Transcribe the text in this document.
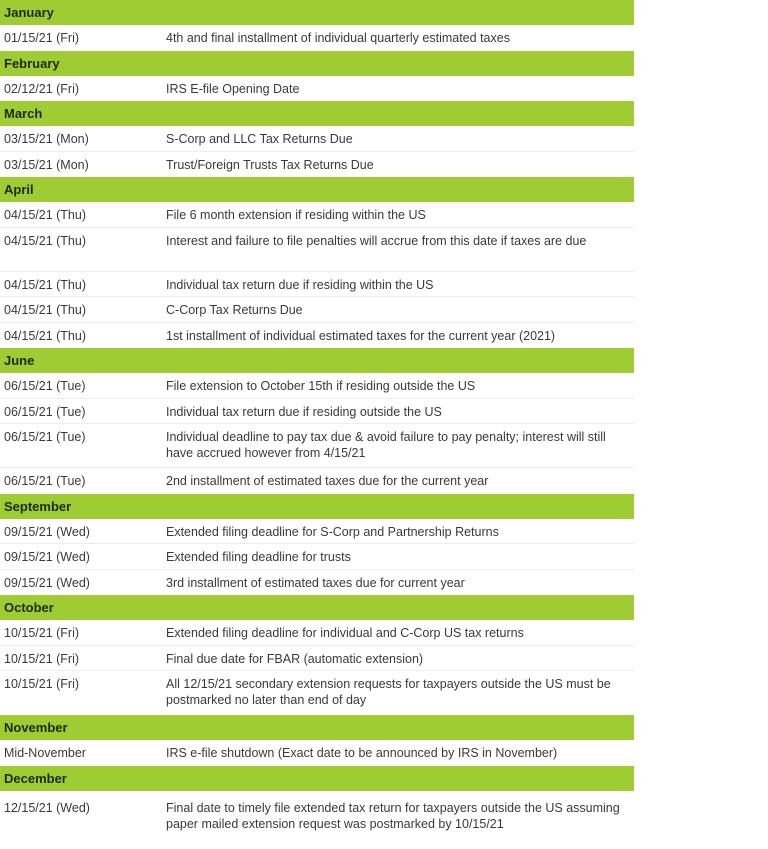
January
01/15/21 (Fri)	4th and final installment of individual quarterly estimated taxes
February
02/12/21 (Fri)	IRS E-file Opening Date
March
03/15/21 (Mon)	S-Corp and LLC Tax Returns Due
03/15/21 (Mon)	Trust/Foreign Trusts Tax Returns Due
April
04/15/21 (Thu)	File 6 month extension if residing within the US
04/15/21 (Thu)	Interest and failure to file penalties will accrue from this date if taxes are due
04/15/21 (Thu)	Individual tax return due if residing within the US
04/15/21 (Thu)	C-Corp Tax Returns Due
04/15/21 (Thu)	1st installment of individual estimated taxes for the current year (2021)
June
06/15/21 (Tue)	File extension to October 15th if residing outside the US
06/15/21 (Tue)	Individual tax return due if residing outside the US
06/15/21 (Tue)	Individual deadline to pay tax due & avoid failure to pay penalty; interest will still have accrued however from 4/15/21
06/15/21 (Tue)	2nd installment of estimated taxes due for the current year
September
09/15/21 (Wed)	Extended filing deadline for S-Corp and Partnership Returns
09/15/21 (Wed)	Extended filing deadline for trusts
09/15/21 (Wed)	3rd installment of estimated taxes due for current year
October
10/15/21 (Fri)	Extended filing deadline for individual and C-Corp US tax returns
10/15/21 (Fri)	Final due date for FBAR (automatic extension)
10/15/21 (Fri)	All 12/15/21 secondary extension requests for taxpayers outside the US must be postmarked no later than end of day
November
Mid-November	IRS e-file shutdown (Exact date to be announced by IRS in November)
December
12/15/21 (Wed)	Final date to timely file extended tax return for taxpayers outside the US assuming paper mailed extension request was postmarked by 10/15/21
